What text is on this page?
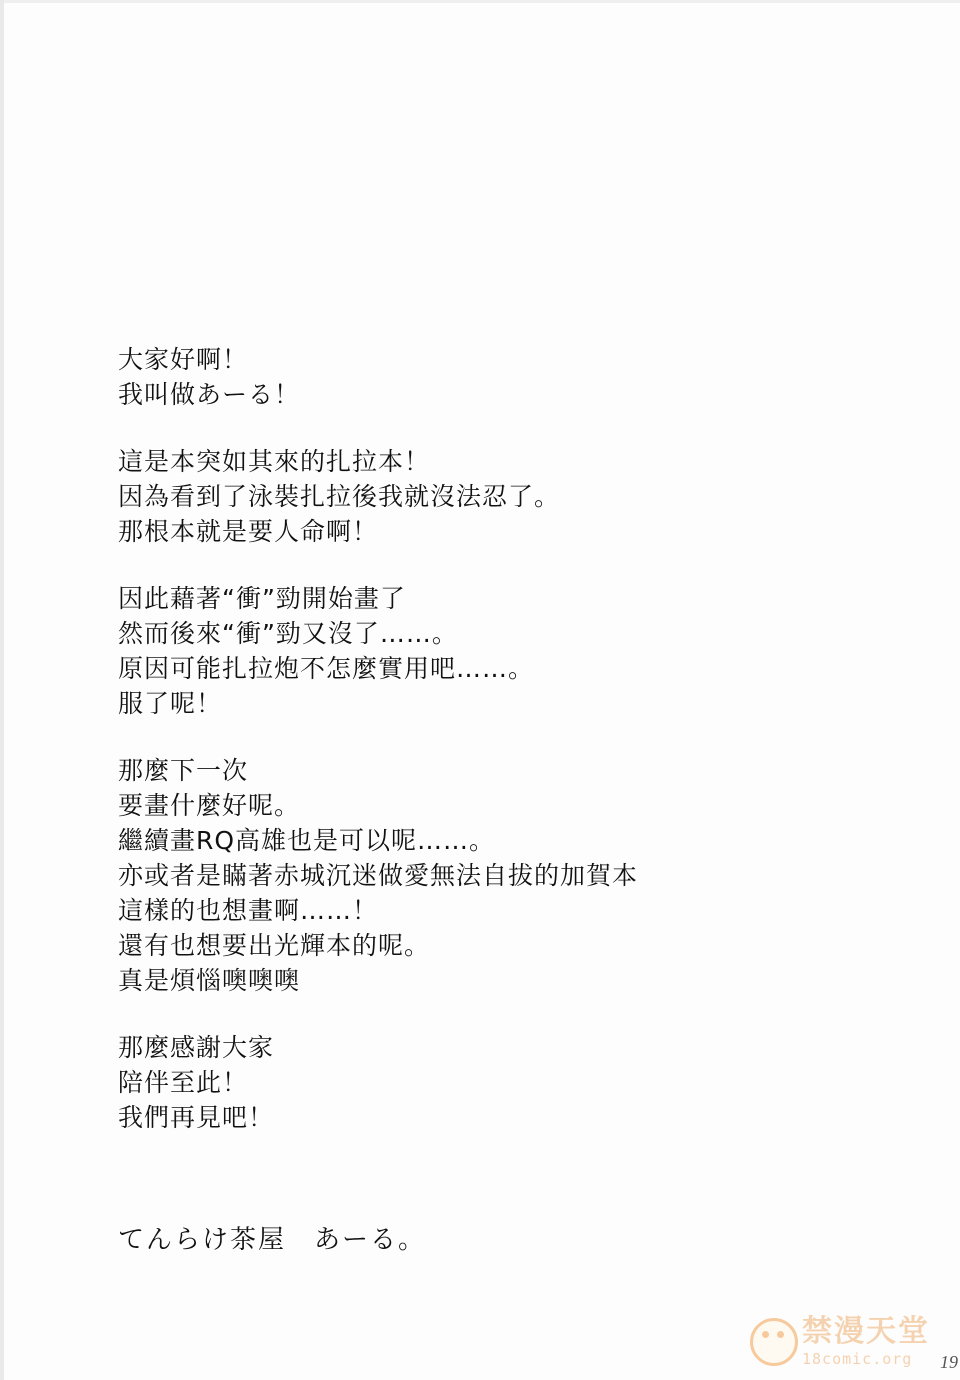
大家好啊！
我叫做あーる！
這是本突如其來的扎拉本！
因為看到了泳裝扎拉後我就沒法忍了。
那根本就是要人命啊！
因此藉著“衝”勁開始畫了
然而後來“衝”勁又沒了……。
原因可能扎拉炮不怎麼實用吧……。
服了呢！
那麼下一次
要畫什麼好呢。
繼續畫RQ高雄也是可以呢……。
亦或者是瞞著赤城沉迷做愛無法自拔的加賀本
這樣的也想畫啊……！
還有也想要出光輝本的呢。
真是煩惱噢噢噢
那麼感謝大家
陪伴至此！
我們再見吧！
てんらけ茶屋　あーる。
禁漫天堂
18comic.org 19
